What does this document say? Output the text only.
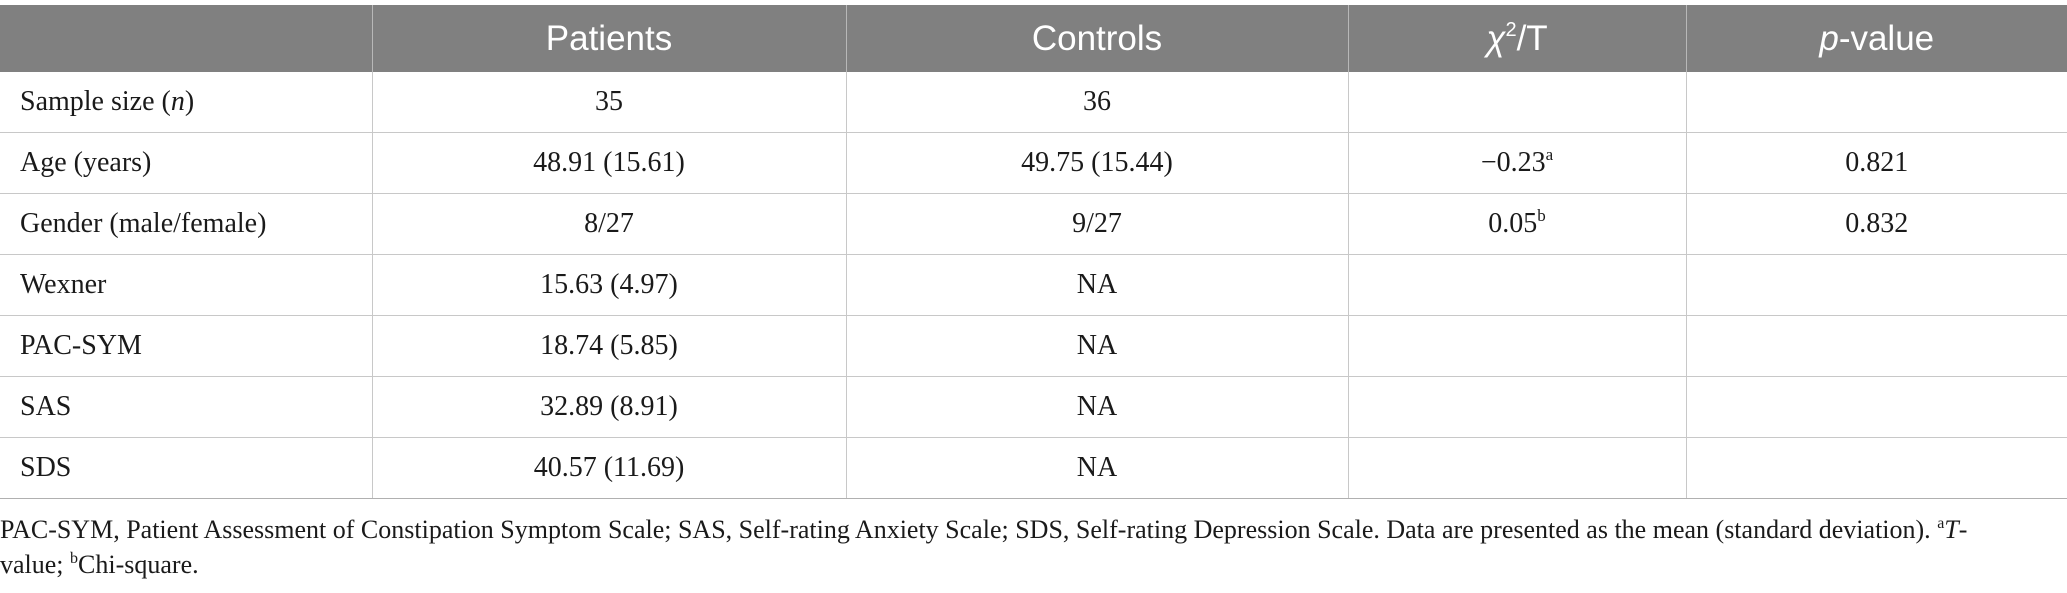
	Patients	Controls	$\chi^2/T$	p-value
Sample size (n)	35	36		
Age (years)	48.91 (15.61)	49.75 (15.44)	−0.23$^a$	0.821
Gender (male/female)	8/27	9/27	0.05$^b$	0.832
Wexner	15.63 (4.97)	NA		
PAC-SYM	18.74 (5.85)	NA		
SAS	32.89 (8.91)	NA		
SDS	40.57 (11.69)	NA		
PAC-SYM, Patient Assessment of Constipation Symptom Scale; SAS, Self-rating Anxiety Scale; SDS, Self-rating Depression Scale. Data are presented as the mean (standard deviation). $^a$T-value; $^b$Chi-square.
